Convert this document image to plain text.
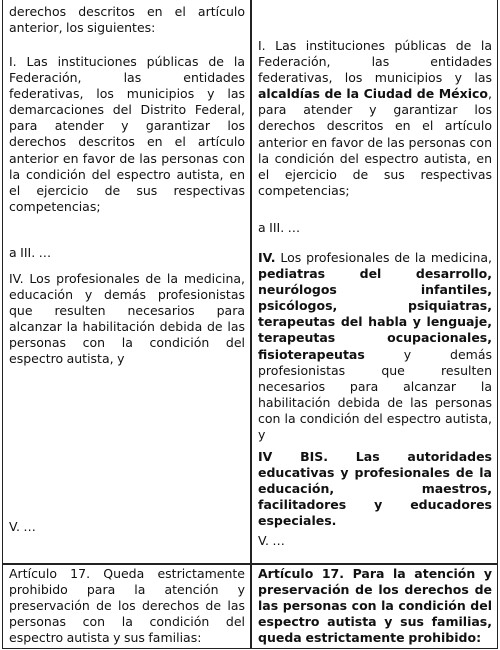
derechos descritos en el artículo anterior, los siguientes:

I. Las instituciones públicas de la Federación, las entidades federativas, los municipios y las demarcaciones del Distrito Federal, para atender y garantizar los derechos descritos en el artículo anterior en favor de las personas con la condición del espectro autista, en el ejercicio de sus respectivas competencias;

a III. …

IV. Los profesionales de la medicina, educación y demás profesionistas que resulten necesarios para alcanzar la habilitación debida de las personas con la condición del espectro autista, y

V. …

I. Las instituciones públicas de la Federación, las entidades federativas, los municipios y las alcaldías de la Ciudad de México, para atender y garantizar los derechos descritos en el artículo anterior en favor de las personas con la condición del espectro autista, en el ejercicio de sus respectivas competencias;

a III. …

IV. Los profesionales de la medicina, pediatras del desarrollo, neurólogos infantiles, psicólogos, psiquiatras, terapeutas del habla y lenguaje, terapeutas ocupacionales, fisioterapeutas y demás profesionistas que resulten necesarios para alcanzar la habilitación debida de las personas con la condición del espectro autista, y

IV BIS. Las autoridades educativas y profesionales de la educación, maestros, facilitadores y educadores especiales.

V. …

Artículo 17. Queda estrictamente prohibido para la atención y preservación de los derechos de las personas con la condición del espectro autista y sus familias:

Artículo 17. Para la atención y preservación de los derechos de las personas con la condición del espectro autista y sus familias, queda estrictamente prohibido:
